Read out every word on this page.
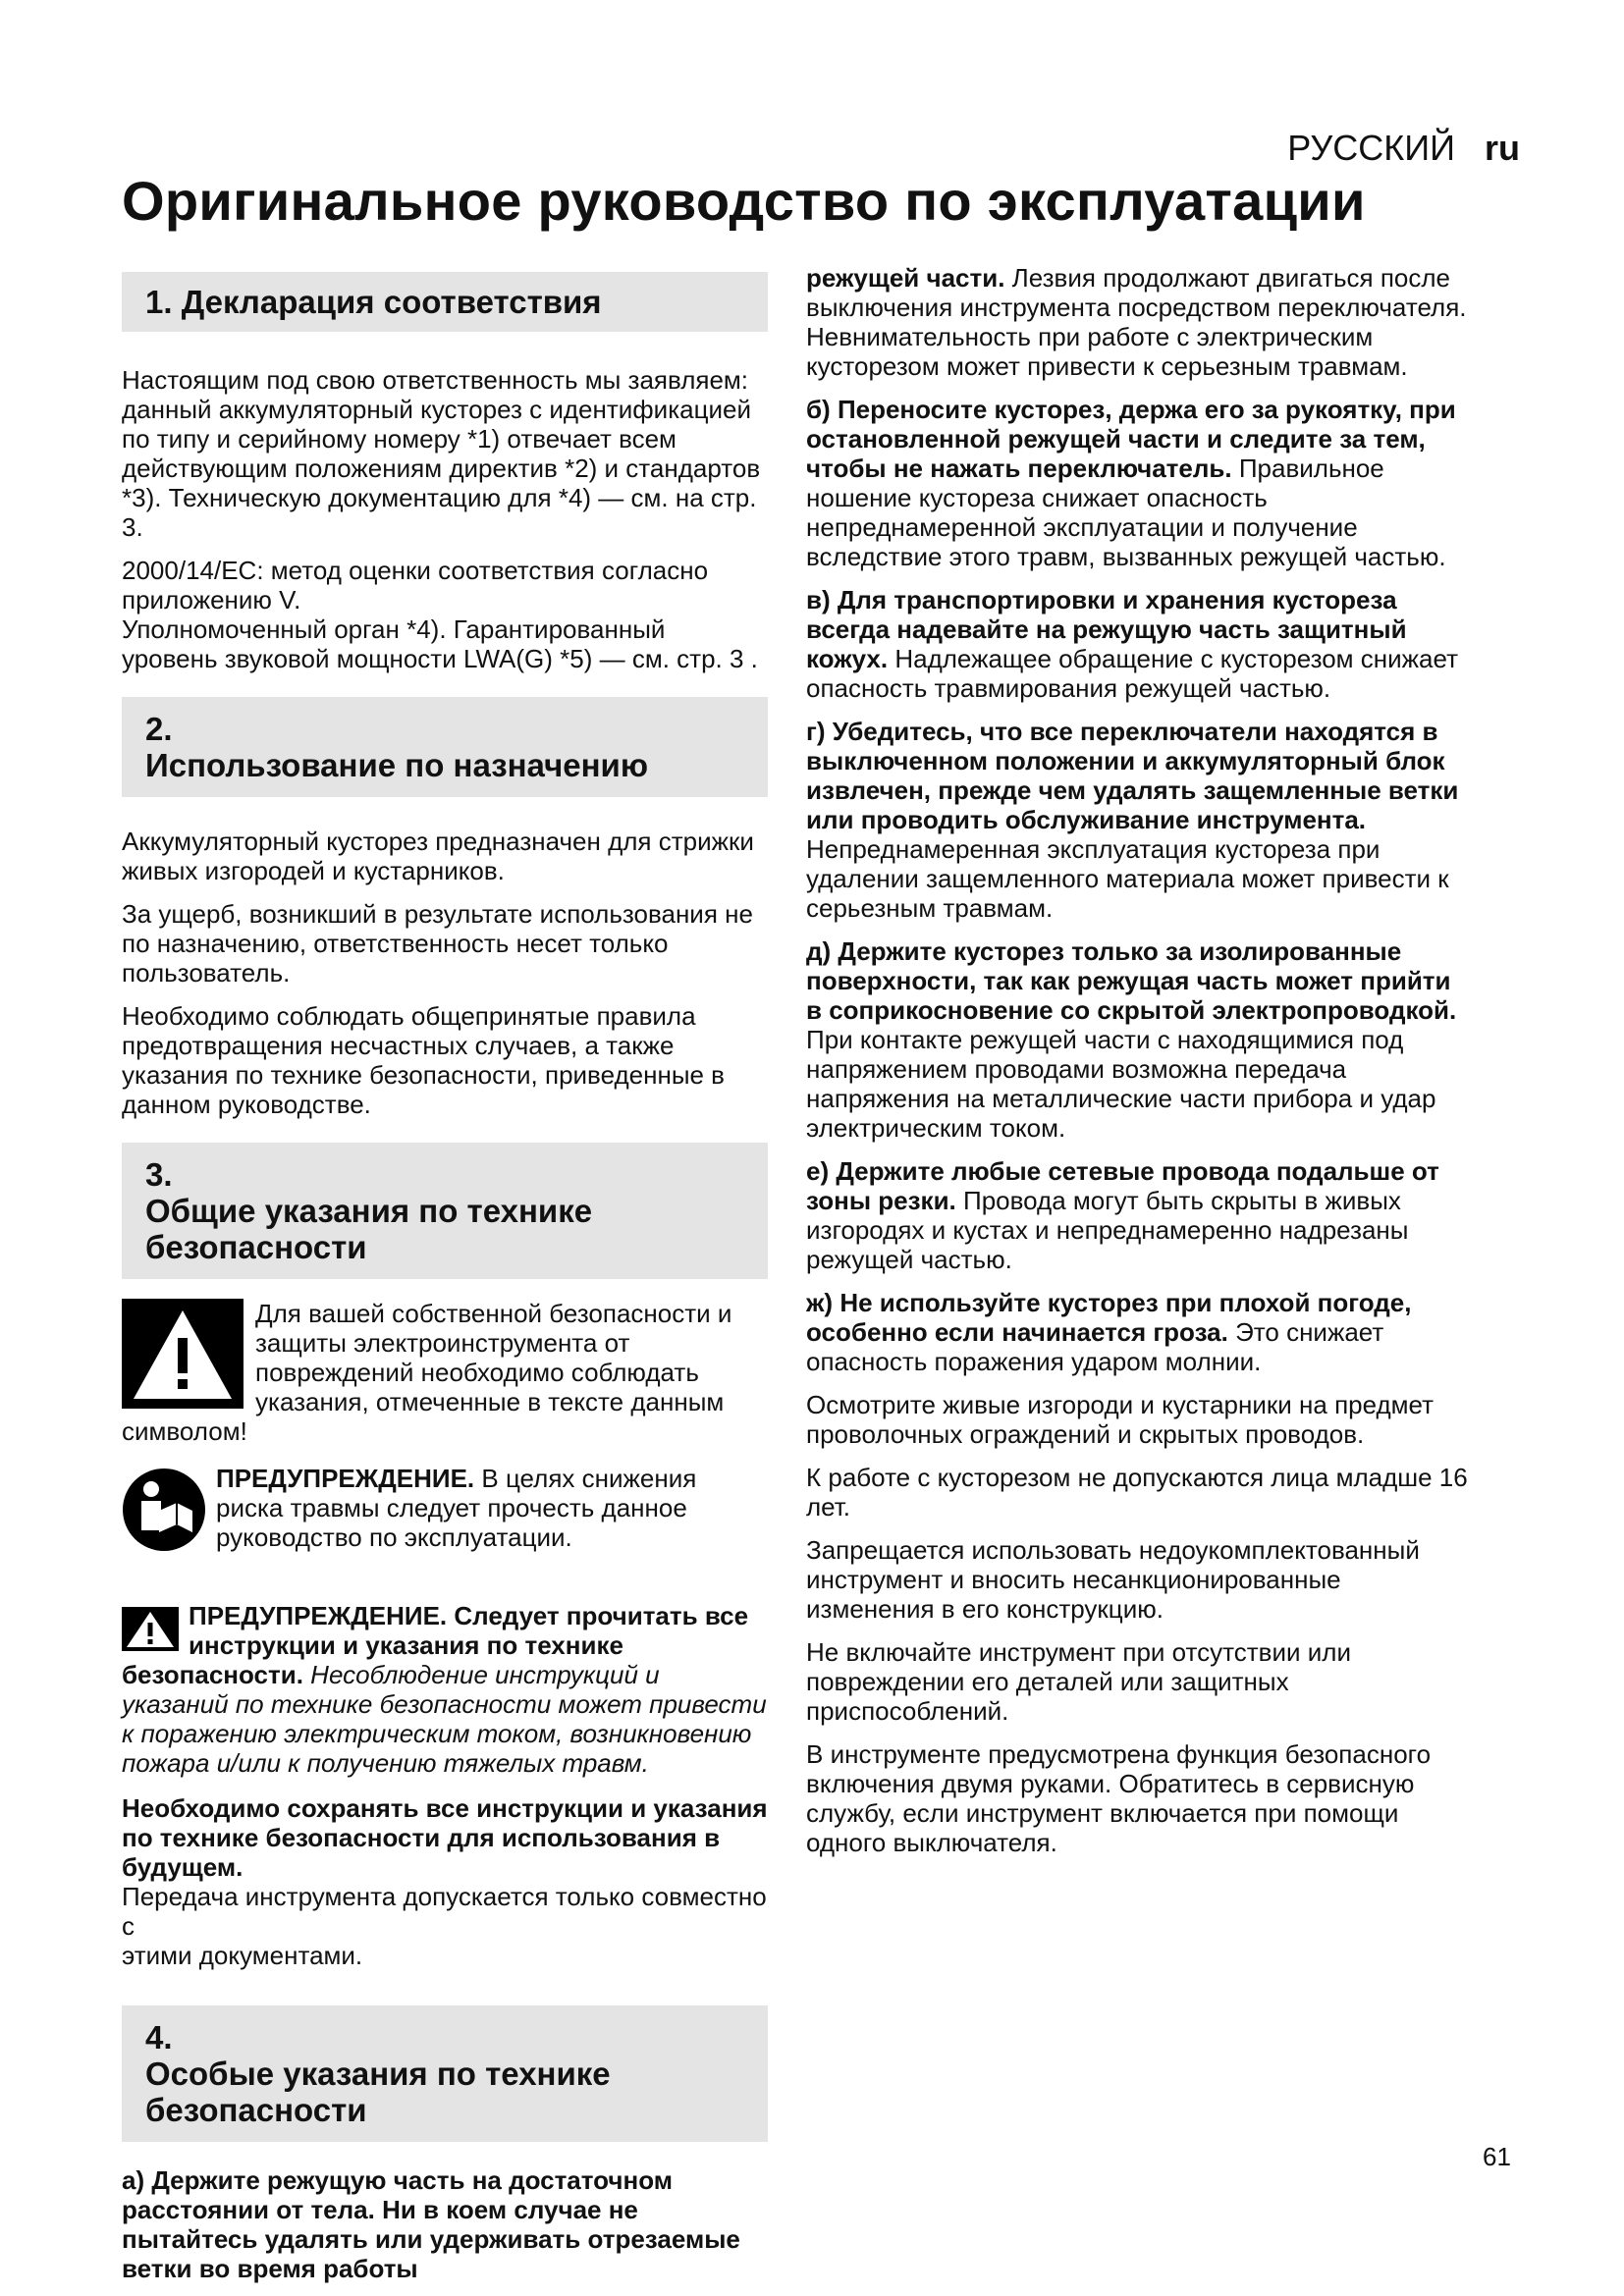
РУССКИЙ ru
Оригинальное руководство по эксплуатации
1. Декларация соответствия

Настоящим под свою ответственность мы заявляем: данный аккумуляторный кусторез с идентификацией по типу и серийному номеру *1) отвечает всем действующим положениям директив *2) и стандартов *3). Техническую документацию для *4) — см. на стр. 3.

2000/14/EC: метод оценки соответствия согласно приложению V.

Уполномоченный орган *4). Гарантированный уровень звуковой мощности LWA(G) *5) — см. стр. 3 .

2.Использование по назначению

Аккумуляторный кусторез предназначен для стрижки живых изгородей и кустарников.

За ущерб, возникший в результате использования не по назначению, ответственность несет только пользователь.

Необходимо соблюдать общепринятые правила предотвращения несчастных случаев, а также указания по технике безопасности, приведенные в данном руководстве.

3.Общие указания по технике безопасности

Для вашей собственной безопасности и защиты электроинструмента от повреждений необходимо соблюдать указания, отмеченные в тексте данным символом!

ПРЕДУПРЕЖДЕНИЕ. В целях снижения риска травмы следует прочесть данное руководство по эксплуатации.

ПРЕДУПРЕЖДЕНИЕ. Следует прочитать все инструкции и указания по технике безопасности. Несоблюдение инструкций и указаний по технике безопасности может привести к поражению электрическим током, возникновению пожара и/или к получению тяжелых травм.

Необходимо сохранять все инструкции и указания по технике безопасности для использования в будущем.

Передача инструмента допускается только совместно с

этими документами.

4.Особые указания по технике безопасности

а) Держите режущую часть на достаточном расстоянии от тела. Ни в коем случае не пытайтесь удалять или удерживать отрезаемые ветки во время работы

режущей части. Лезвия продолжают двигаться после выключения инструмента посредством переключателя. Невнимательность при работе с электрическим кусторезом может привести к серьезным травмам.

б) Переносите кусторез, держа его за рукоятку, при остановленной режущей части и следите за тем, чтобы не нажать переключатель. Правильное ношение кустореза снижает опасность непреднамеренной эксплуатации и получение вследствие этого травм, вызванных режущей частью.

в) Для транспортировки и хранения кустореза всегда надевайте на режущую часть защитный кожух. Надлежащее обращение с кусторезом снижает опасность травмирования режущей частью.

г) Убедитесь, что все переключатели находятся в выключенном положении и аккумуляторный блок извлечен, прежде чем удалять защемленные ветки или проводить обслуживание инструмента. Непреднамеренная эксплуатация кустореза при удалении защемленного материала может привести к серьезным травмам.

д) Держите кусторез только за изолированные поверхности, так как режущая часть может прийти в соприкосновение со скрытой электропроводкой. При контакте режущей части с находящимися под напряжением проводами возможна передача напряжения на металлические части прибора и удар электрическим током.

е) Держите любые сетевые провода подальше от зоны резки. Провода могут быть скрыты в живых изгородях и кустах и непреднамеренно надрезаны режущей частью.

ж) Не используйте кусторез при плохой погоде, особенно если начинается гроза. Это снижает опасность поражения ударом молнии.

Осмотрите живые изгороди и кустарники на предмет проволочных ограждений и скрытых проводов.

К работе с кусторезом не допускаются лица младше 16 лет.

Запрещается использовать недоукомплектованный инструмент и вносить несанкционированные изменения в его конструкцию.

Не включайте инструмент при отсутствии или повреждении его деталей или защитных приспособлений.

В инструменте предусмотрена функция безопасного включения двумя руками. Обратитесь в сервисную службу, если инструмент включается при помощи одного выключателя.

61
